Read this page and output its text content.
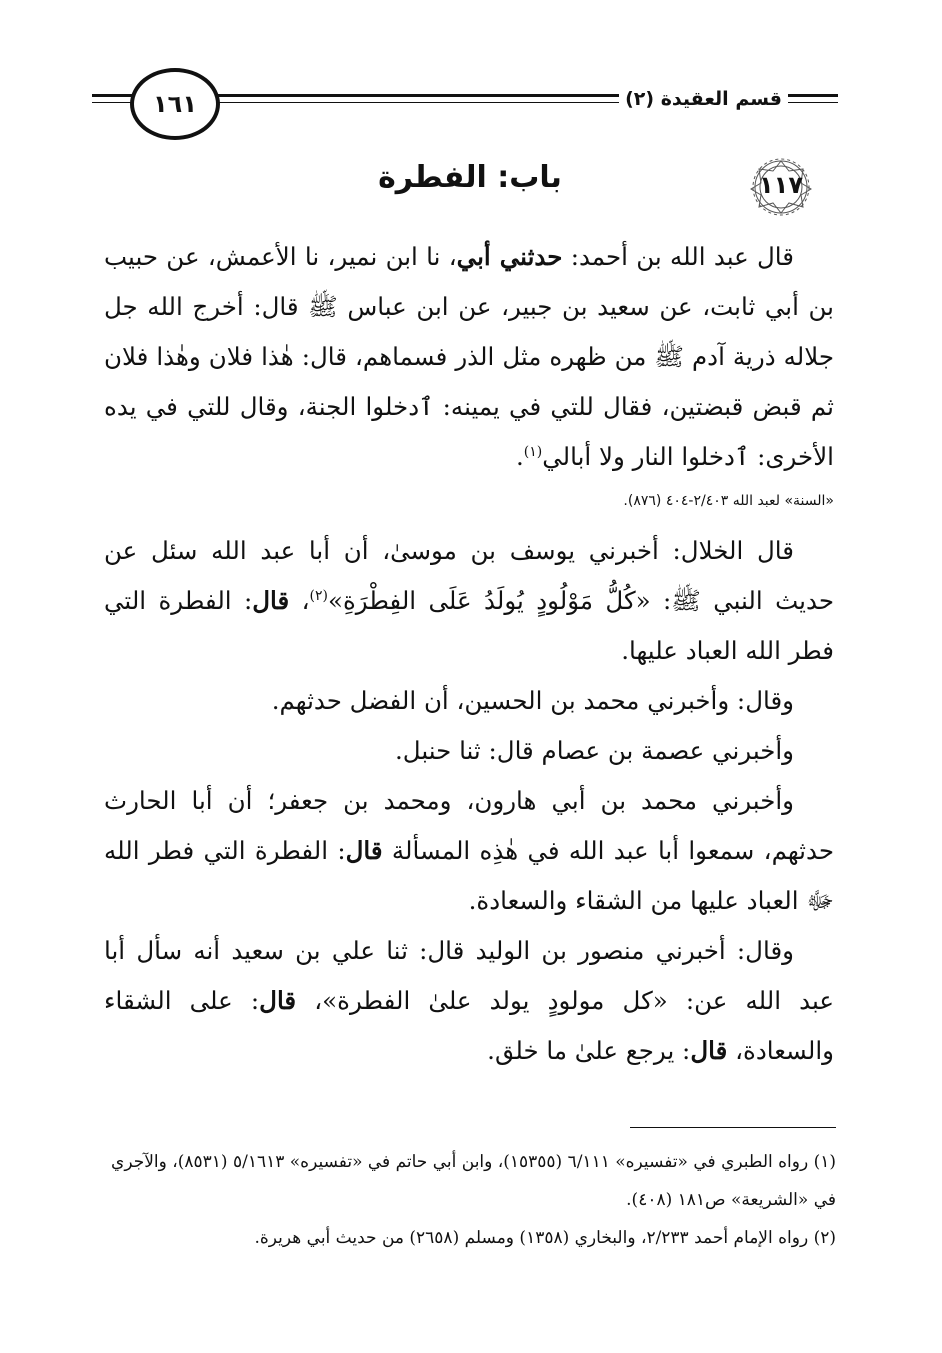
قسم العقيدة (٢)
١٦١
١١٧
باب: الفطرة

قال عبد الله بن أحمد: حدثني أبي، نا ابن نمير، نا الأعمش، عن حبيب بن أبي ثابت، عن سعيد بن جبير، عن ابن عباس ﷺ قال: أخرج الله جل جلاله ذرية آدم ﷺ من ظهره مثل الذر فسماهم، قال: هٰذا فلان وهٰذا فلان ثم قبض قبضتين، فقال للتي في يمينه: ٱدخلوا الجنة، وقال للتي في يده الأخرى: ٱدخلوا النار ولا أبالي$^{(١)}$.

«السنة» لعبد الله ٢/٤٠٣-٤٠٤ (٨٧٦).

قال الخلال: أخبرني يوسف بن موسىٰ، أن أبا عبد الله سئل عن حديث النبي ﷺ: «كُلُّ مَوْلُودٍ يُولَدُ عَلَى الفِطْرَةِ»$^{(٢)}$، قال: الفطرة التي فطر الله العباد عليها.

وقال: وأخبرني محمد بن الحسين، أن الفضل حدثهم.

وأخبرني عصمة بن عصام قال: ثنا حنبل.

وأخبرني محمد بن أبي هارون، ومحمد بن جعفر؛ أن أبا الحارث حدثهم، سمعوا أبا عبد الله في هٰذِه المسألة قال: الفطرة التي فطر الله ﷻ العباد عليها من الشقاء والسعادة.

وقال: أخبرني منصور بن الوليد قال: ثنا علي بن سعيد أنه سأل أبا عبد الله عن: «كل مولودٍ يولد علىٰ الفطرة»، قال: على الشقاء والسعادة، قال: يرجع علىٰ ما خلق.

(١) رواه الطبري في «تفسيره» ٦/١١١ (١٥٣٥٥)، وابن أبي حاتم في «تفسيره» ٥/١٦١٣ (٨٥٣١)، والآجري في «الشريعة» ص١٨١ (٤٠٨).

(٢) رواه الإمام أحمد ٢/٢٣٣، والبخاري (١٣٥٨) ومسلم (٢٦٥٨) من حديث أبي هريرة.
